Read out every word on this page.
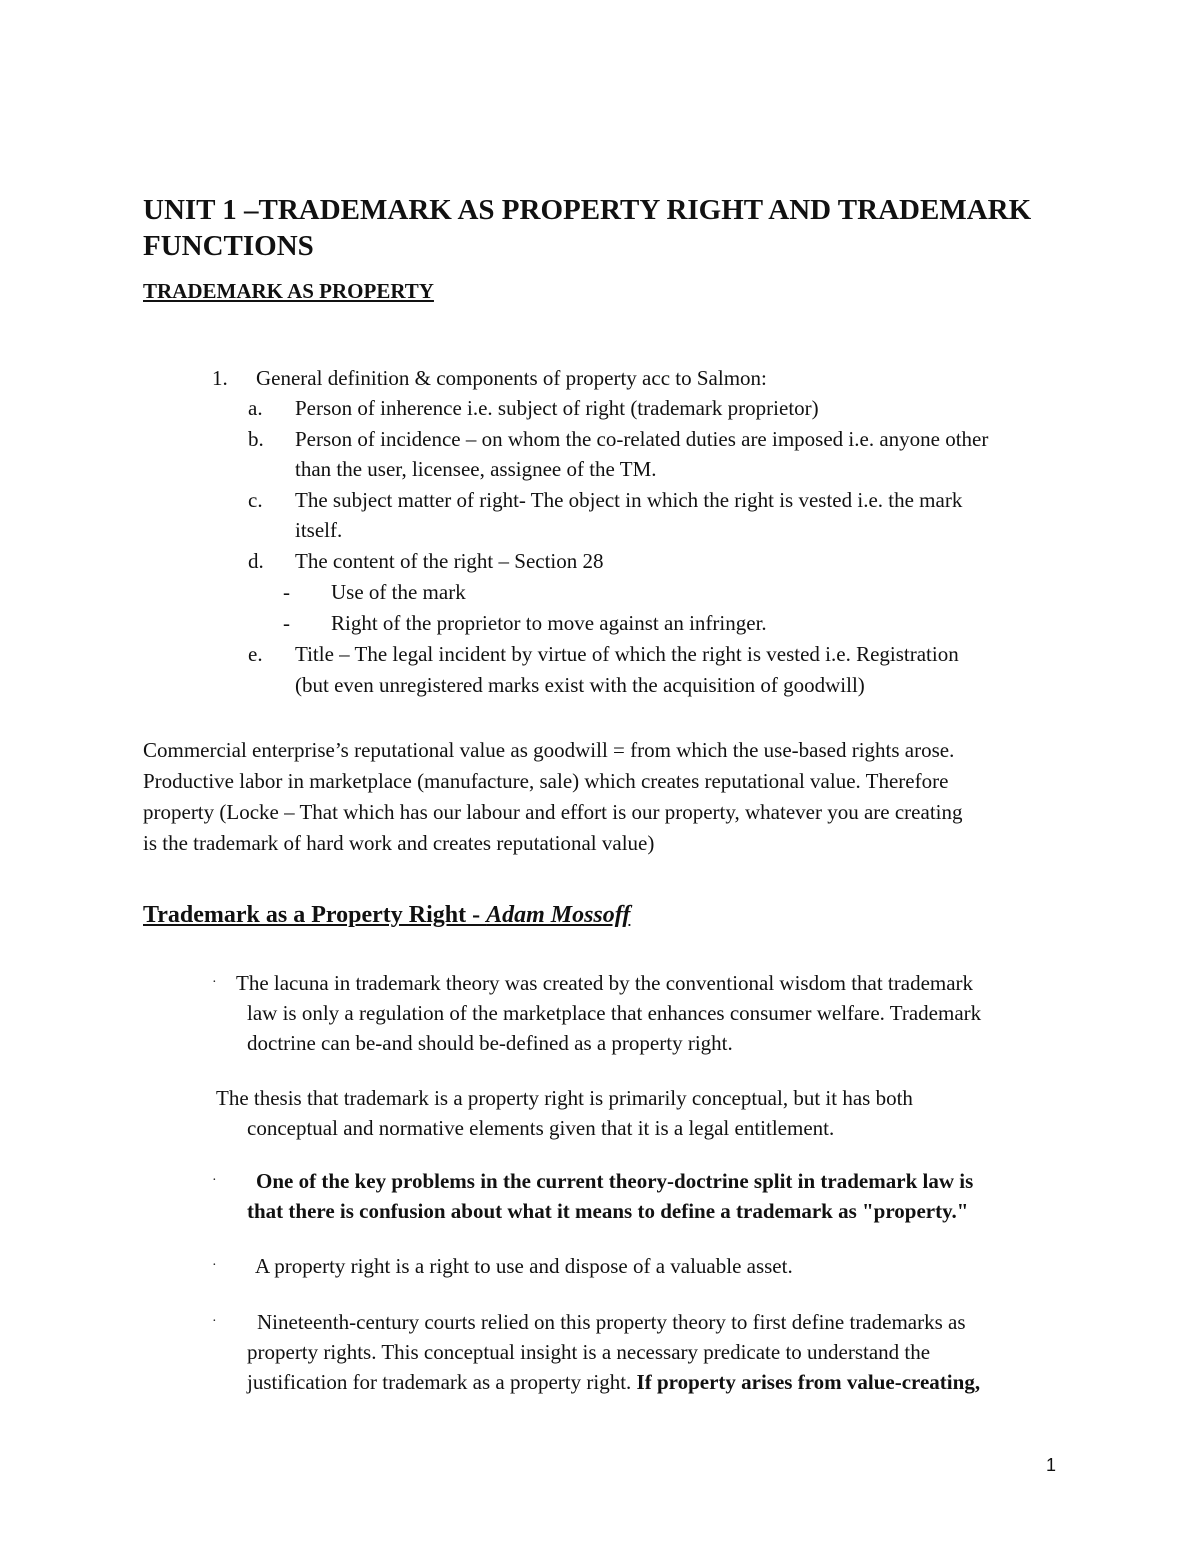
UNIT 1 –TRADEMARK AS PROPERTY RIGHT AND TRADEMARK
FUNCTIONS
TRADEMARK AS PROPERTY
1. General definition & components of property acc to Salmon:
a. Person of inherence i.e. subject of right (trademark proprietor)
b. Person of incidence – on whom the co-related duties are imposed i.e. anyone other
than the user, licensee, assignee of the TM.
c. The subject matter of right- The object in which the right is vested i.e. the mark
itself.
d. The content of the right – Section 28
- Use of the mark
- Right of the proprietor to move against an infringer.
e. Title – The legal incident by virtue of which the right is vested i.e. Registration
(but even unregistered marks exist with the acquisition of goodwill)
Commercial enterprise’s reputational value as goodwill = from which the use-based rights arose.
Productive labor in marketplace (manufacture, sale) which creates reputational value. Therefore
property (Locke – That which has our labour and effort is our property, whatever you are creating
is the trademark of hard work and creates reputational value)
Trademark as a Property Right - Adam Mossoff
· The lacuna in trademark theory was created by the conventional wisdom that trademark
law is only a regulation of the marketplace that enhances consumer welfare. Trademark
doctrine can be-and should be-defined as a property right.
The thesis that trademark is a property right is primarily conceptual, but it has both
conceptual and normative elements given that it is a legal entitlement.
· One of the key problems in the current theory-doctrine split in trademark law is
that there is confusion about what it means to define a trademark as "property."
· A property right is a right to use and dispose of a valuable asset.
· Nineteenth-century courts relied on this property theory to first define trademarks as
property rights. This conceptual insight is a necessary predicate to understand the
justification for trademark as a property right. If property arises from value-creating,
1
